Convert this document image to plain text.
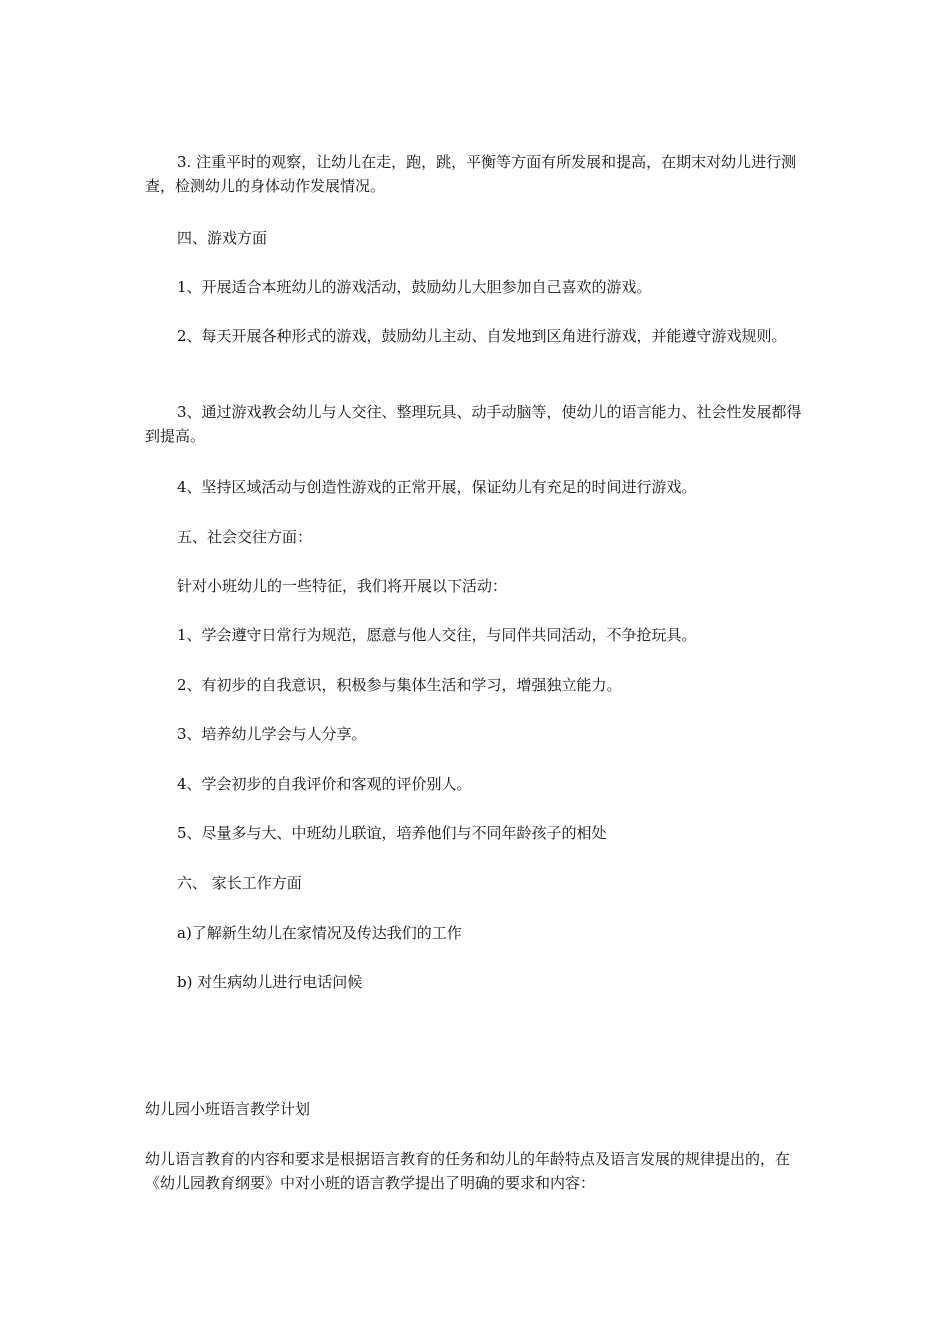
3. 注重平时的观察，让幼儿在走，跑，跳，平衡等方面有所发展和提高，在期末对幼儿进行测查，检测幼儿的身体动作发展情况。

四、游戏方面

1、开展适合本班幼儿的游戏活动，鼓励幼儿大胆参加自己喜欢的游戏。

2、每天开展各种形式的游戏，鼓励幼儿主动、自发地到区角进行游戏，并能遵守游戏规则。

3、通过游戏教会幼儿与人交往、整理玩具、动手动脑等，使幼儿的语言能力、社会性发展都得到提高。

4、坚持区域活动与创造性游戏的正常开展，保证幼儿有充足的时间进行游戏。

五、社会交往方面：

针对小班幼儿的一些特征，我们将开展以下活动：

1、学会遵守日常行为规范，愿意与他人交往，与同伴共同活动，不争抢玩具。

2、有初步的自我意识，积极参与集体生活和学习，增强独立能力。

3、培养幼儿学会与人分享。

4、学会初步的自我评价和客观的评价别人。

5、尽量多与大、中班幼儿联谊，培养他们与不同年龄孩子的相处

六、 家长工作方面

a)了解新生幼儿在家情况及传达我们的工作

b) 对生病幼儿进行电话问候

幼儿园小班语言教学计划

幼儿语言教育的内容和要求是根据语言教育的任务和幼儿的年龄特点及语言发展的规律提出的，在《幼儿园教育纲要》中对小班的语言教学提出了明确的要求和内容：
